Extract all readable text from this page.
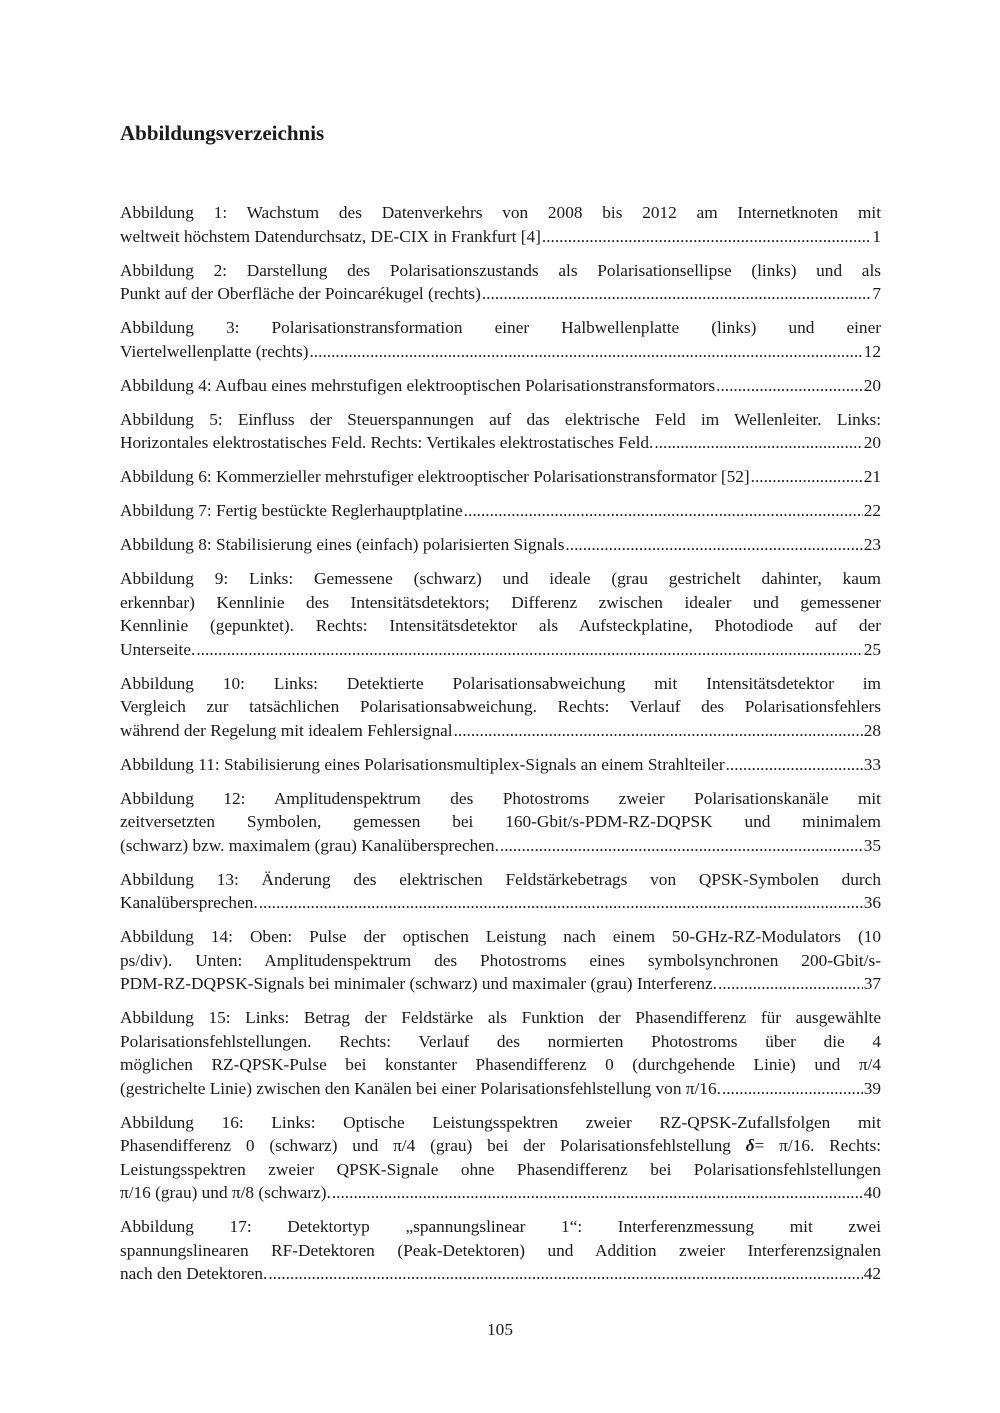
Abbildungsverzeichnis
Abbildung 1: Wachstum des Datenverkehrs von 2008 bis 2012 am Internetknoten mit
weltweit höchstem Datendurchsatz, DE-CIX in Frankfurt [4] .....	1
Abbildung 2: Darstellung des Polarisationszustands als Polarisationsellipse (links) und als
Punkt auf der Oberfläche der Poincarékugel (rechts) .....	7
Abbildung 3: Polarisationstransformation einer Halbwellenplatte (links) und einer
Viertelwellenplatte (rechts) .....	12
Abbildung 4: Aufbau eines mehrstufigen elektrooptischen Polarisationstransformators .....	20
Abbildung 5: Einfluss der Steuerspannungen auf das elektrische Feld im Wellenleiter. Links:
Horizontales elektrostatisches Feld. Rechts: Vertikales elektrostatisches Feld. .....	20
Abbildung 6: Kommerzieller mehrstufiger elektrooptischer Polarisationstransformator [52] .....	21
Abbildung 7: Fertig bestückte Reglerhauptplatine .....	22
Abbildung 8: Stabilisierung eines (einfach) polarisierten Signals .....	23
Abbildung 9: Links: Gemessene (schwarz) und ideale (grau gestrichelt dahinter, kaum
erkennbar) Kennlinie des Intensitätsdetektors; Differenz zwischen idealer und gemessener
Kennlinie (gepunktet). Rechts: Intensitätsdetektor als Aufsteckplatine, Photodiode auf der
Unterseite. .....	25
Abbildung 10: Links: Detektierte Polarisationsabweichung mit Intensitätsdetektor im
Vergleich zur tatsächlichen Polarisationsabweichung. Rechts: Verlauf des Polarisationsfehlers
während der Regelung mit idealem Fehlersignal .....	28
Abbildung 11: Stabilisierung eines Polarisationsmultiplex-Signals an einem Strahlteiler .....	33
Abbildung 12: Amplitudenspektrum des Photostroms zweier Polarisationskanäle mit
zeitversetzten Symbolen, gemessen bei 160-Gbit/s-PDM-RZ-DQPSK und minimalem
(schwarz) bzw. maximalem (grau) Kanalübersprechen. .....	35
Abbildung 13: Änderung des elektrischen Feldstärkebetrags von QPSK-Symbolen durch
Kanalübersprechen. .....	36
Abbildung 14: Oben: Pulse der optischen Leistung nach einem 50-GHz-RZ-Modulators (10
ps/div). Unten: Amplitudenspektrum des Photostroms eines symbolsynchronen 200-Gbit/s-
PDM-RZ-DQPSK-Signals bei minimaler (schwarz) und maximaler (grau) Interferenz. .....	37
Abbildung 15: Links: Betrag der Feldstärke als Funktion der Phasendifferenz für ausgewählte
Polarisationsfehlstellungen. Rechts: Verlauf des normierten Photostroms über die 4
möglichen RZ-QPSK-Pulse bei konstanter Phasendifferenz 0 (durchgehende Linie) und π/4
(gestrichelte Linie) zwischen den Kanälen bei einer Polarisationsfehlstellung von π/16. .....	39
Abbildung 16: Links: Optische Leistungsspektren zweier RZ-QPSK-Zufallsfolgen mit
Phasendifferenz 0 (schwarz) und π/4 (grau) bei der Polarisationsfehlstellung δ= π/16. Rechts:
Leistungsspektren zweier QPSK-Signale ohne Phasendifferenz bei Polarisationsfehlstellungen
π/16 (grau) und π/8 (schwarz). .....	40
Abbildung 17: Detektortyp „spannungslinear 1“: Interferenzmessung mit zwei
spannungslinearen RF-Detektoren (Peak-Detektoren) und Addition zweier Interferenzsignalen
nach den Detektoren. .....	42
105
